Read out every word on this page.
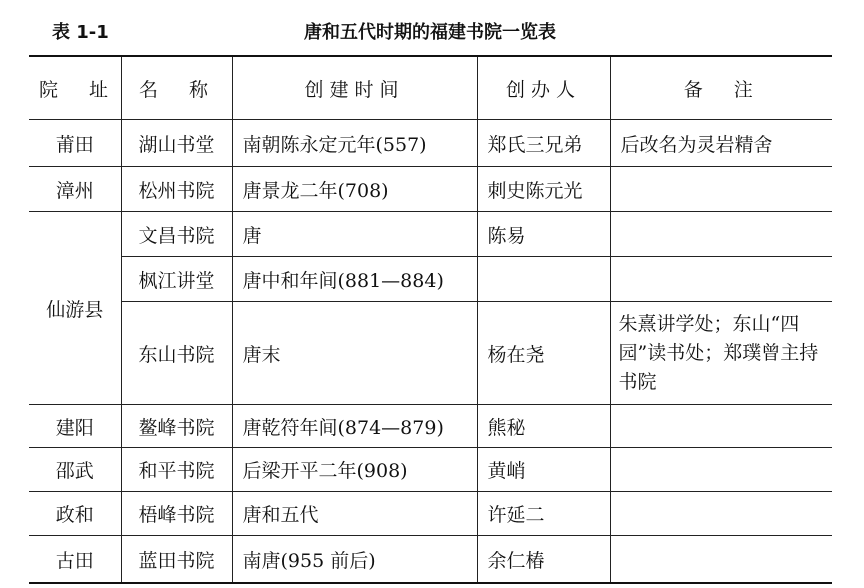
表 1-1	唐和五代时期的福建书院一览表
院　址	名　称	创建时间	创办人	备　注
莆田	湖山书堂	南朝陈永定元年(557)	郑氏三兄弟	后改名为灵岩精舍
漳州	松州书院	唐景龙二年(708)	刺史陈元光	
仙游县	文昌书院	唐	陈易	
	枫江讲堂	唐中和年间(881—884)		
	东山书院	唐末	杨在尧	朱熹讲学处；东山“四园”读书处；郑璞曾主持书院
建阳	鳌峰书院	唐乾符年间(874—879)	熊秘	
邵武	和平书院	后梁开平二年(908)	黄峭	
政和	梧峰书院	唐和五代	许延二	
古田	蓝田书院	南唐(955 前后)	余仁椿	
